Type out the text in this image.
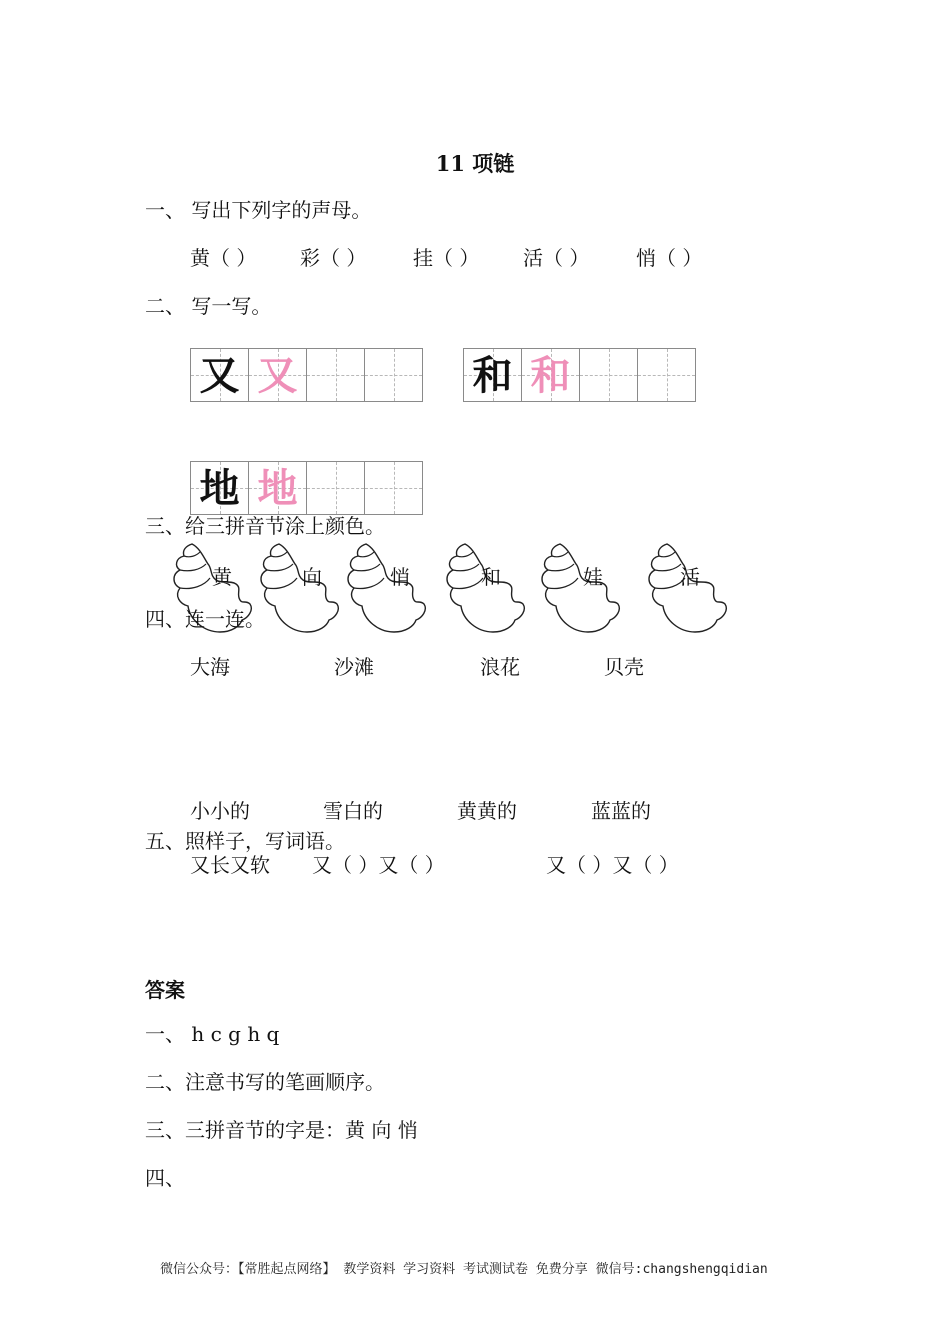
11 项链
一、 写出下列字的声母。
黄（ ） 彩（ ） 挂（ ） 活（ ） 悄（ ）
二、 写一写。
又 又	和 和
地 地
三、给三拼音节涂上颜色。
黄	向	悄	和	娃	活
四、连一连。
大海	沙滩	浪花	贝壳
小小的	雪白的	黄黄的	蓝蓝的
五、照样子，写词语。
又长又软 又（ ）又（ ）	又（ ）又（ ）
答案
一、 h c g h q
二、注意书写的笔画顺序。
三、三拼音节的字是：黄 向 悄
四、
微信公众号：【常胜起点网络】 教学资料 学习资料 考试测试卷 免费分享 微信号:changshengqidian
